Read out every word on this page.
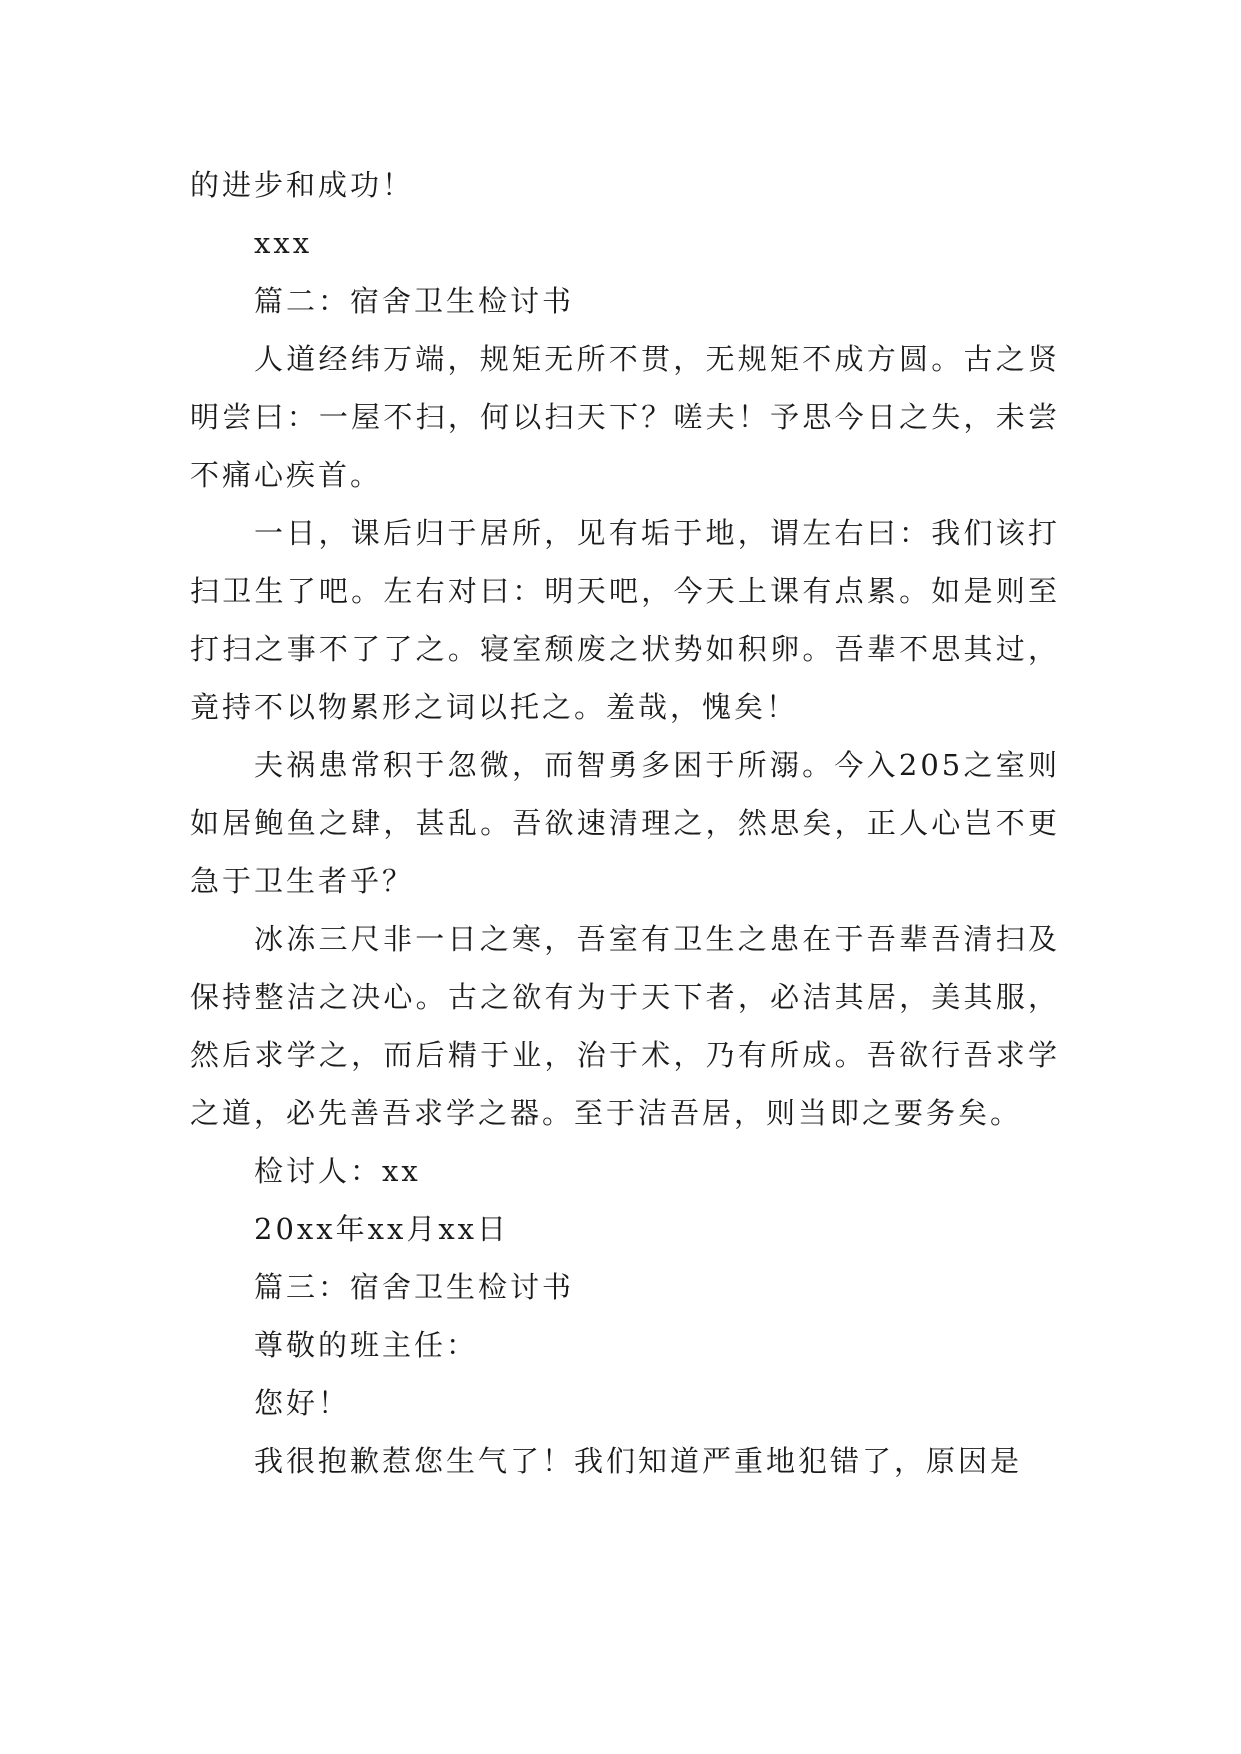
的进步和成功！

xxx

篇二：宿舍卫生检讨书

人道经纬万端，规矩无所不贯，无规矩不成方圆。古之贤明尝曰：一屋不扫，何以扫天下？嗟夫！予思今日之失，未尝不痛心疾首。

一日，课后归于居所，见有垢于地，谓左右曰：我们该打扫卫生了吧。左右对曰：明天吧，今天上课有点累。如是则至打扫之事不了了之。寝室颓废之状势如积卵。吾辈不思其过，竟持不以物累形之词以托之。羞哉，愧矣！

夫祸患常积于忽微，而智勇多困于所溺。今入205之室则如居鲍鱼之肆，甚乱。吾欲速清理之，然思矣，正人心岂不更急于卫生者乎？

冰冻三尺非一日之寒，吾室有卫生之患在于吾辈吾清扫及保持整洁之决心。古之欲有为于天下者，必洁其居，美其服，然后求学之，而后精于业，治于术，乃有所成。吾欲行吾求学之道，必先善吾求学之器。至于洁吾居，则当即之要务矣。

检讨人：xx

20xx年xx月xx日

篇三：宿舍卫生检讨书

尊敬的班主任：

您好！

我很抱歉惹您生气了！我们知道严重地犯错了，原因是
